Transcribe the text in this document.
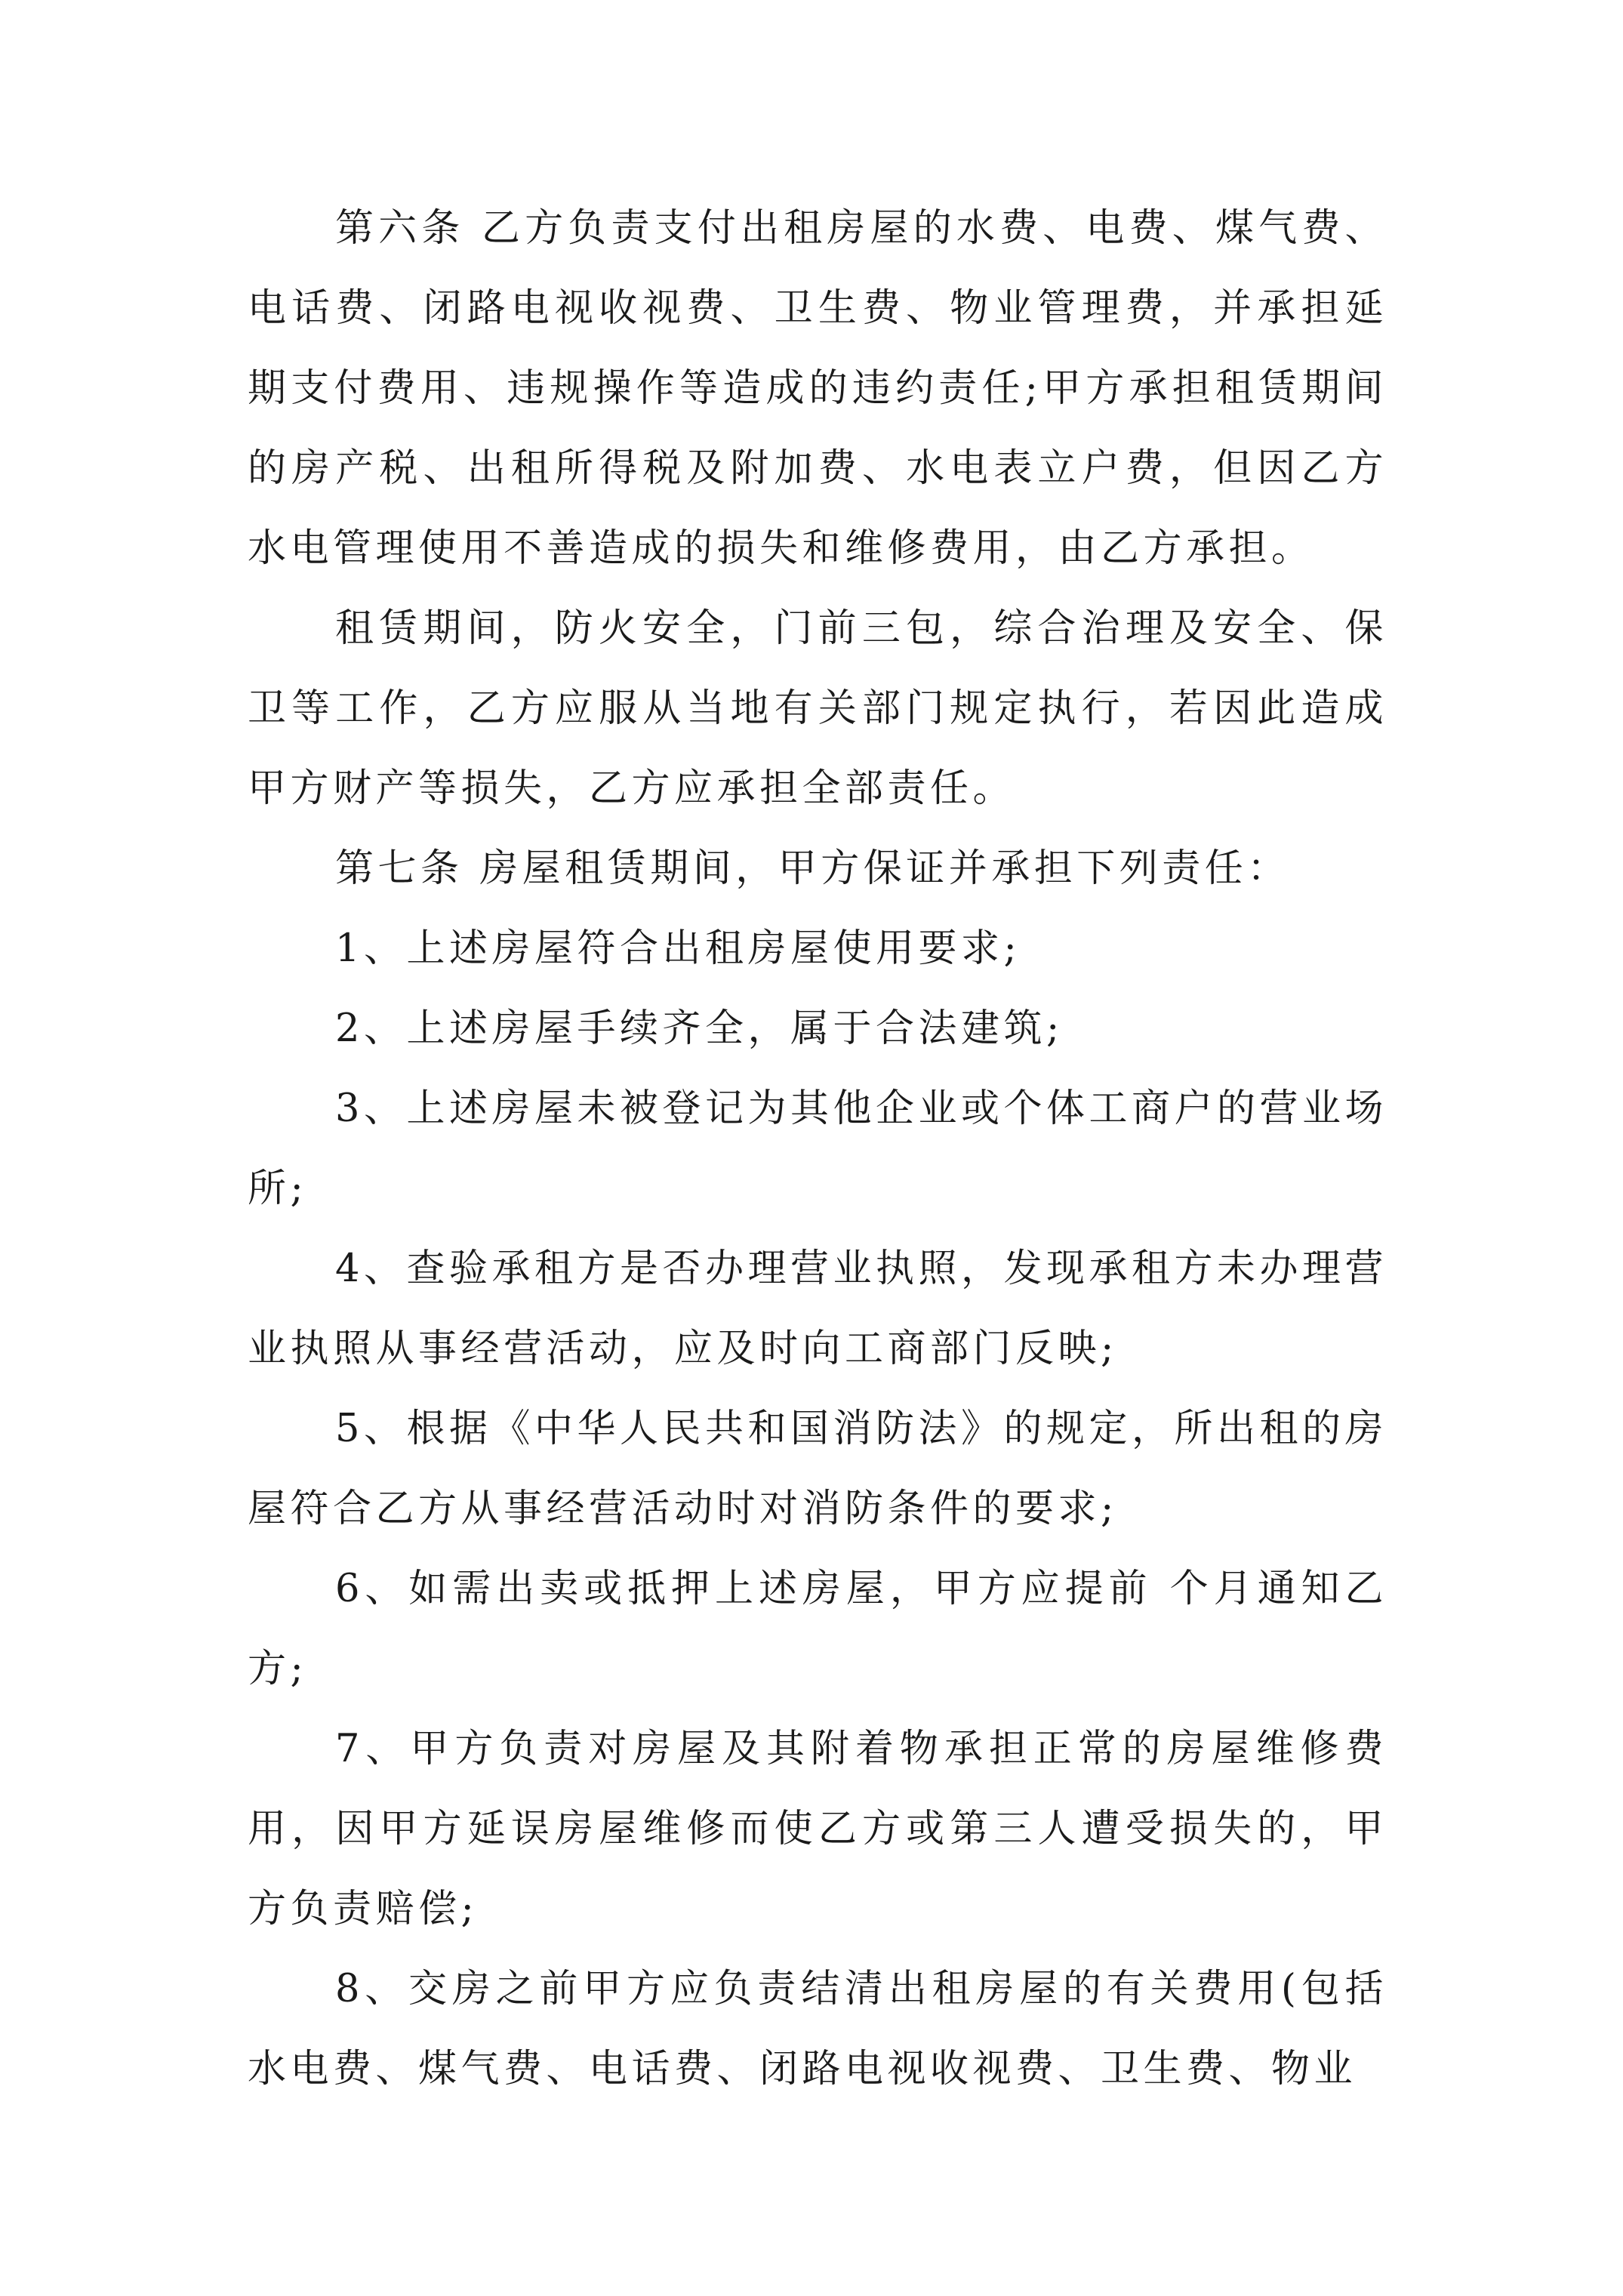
第六条 乙方负责支付出租房屋的水费、电费、煤气费、电话费、闭路电视收视费、卫生费、物业管理费，并承担延期支付费用、违规操作等造成的违约责任;甲方承担租赁期间的房产税、出租所得税及附加费、水电表立户费，但因乙方水电管理使用不善造成的损失和维修费用，由乙方承担。

租赁期间，防火安全，门前三包，综合治理及安全、保卫等工作，乙方应服从当地有关部门规定执行，若因此造成甲方财产等损失，乙方应承担全部责任。

第七条 房屋租赁期间，甲方保证并承担下列责任：

1、上述房屋符合出租房屋使用要求;

2、上述房屋手续齐全，属于合法建筑;

3、上述房屋未被登记为其他企业或个体工商户的营业场所;

4、查验承租方是否办理营业执照，发现承租方未办理营业执照从事经营活动，应及时向工商部门反映;

5、根据《中华人民共和国消防法》的规定，所出租的房屋符合乙方从事经营活动时对消防条件的要求;

6、如需出卖或抵押上述房屋，甲方应提前 个月通知乙方;

7、甲方负责对房屋及其附着物承担正常的房屋维修费用，因甲方延误房屋维修而使乙方或第三人遭受损失的，甲方负责赔偿;

8、交房之前甲方应负责结清出租房屋的有关费用(包括水电费、煤气费、电话费、闭路电视收视费、卫生费、物业
